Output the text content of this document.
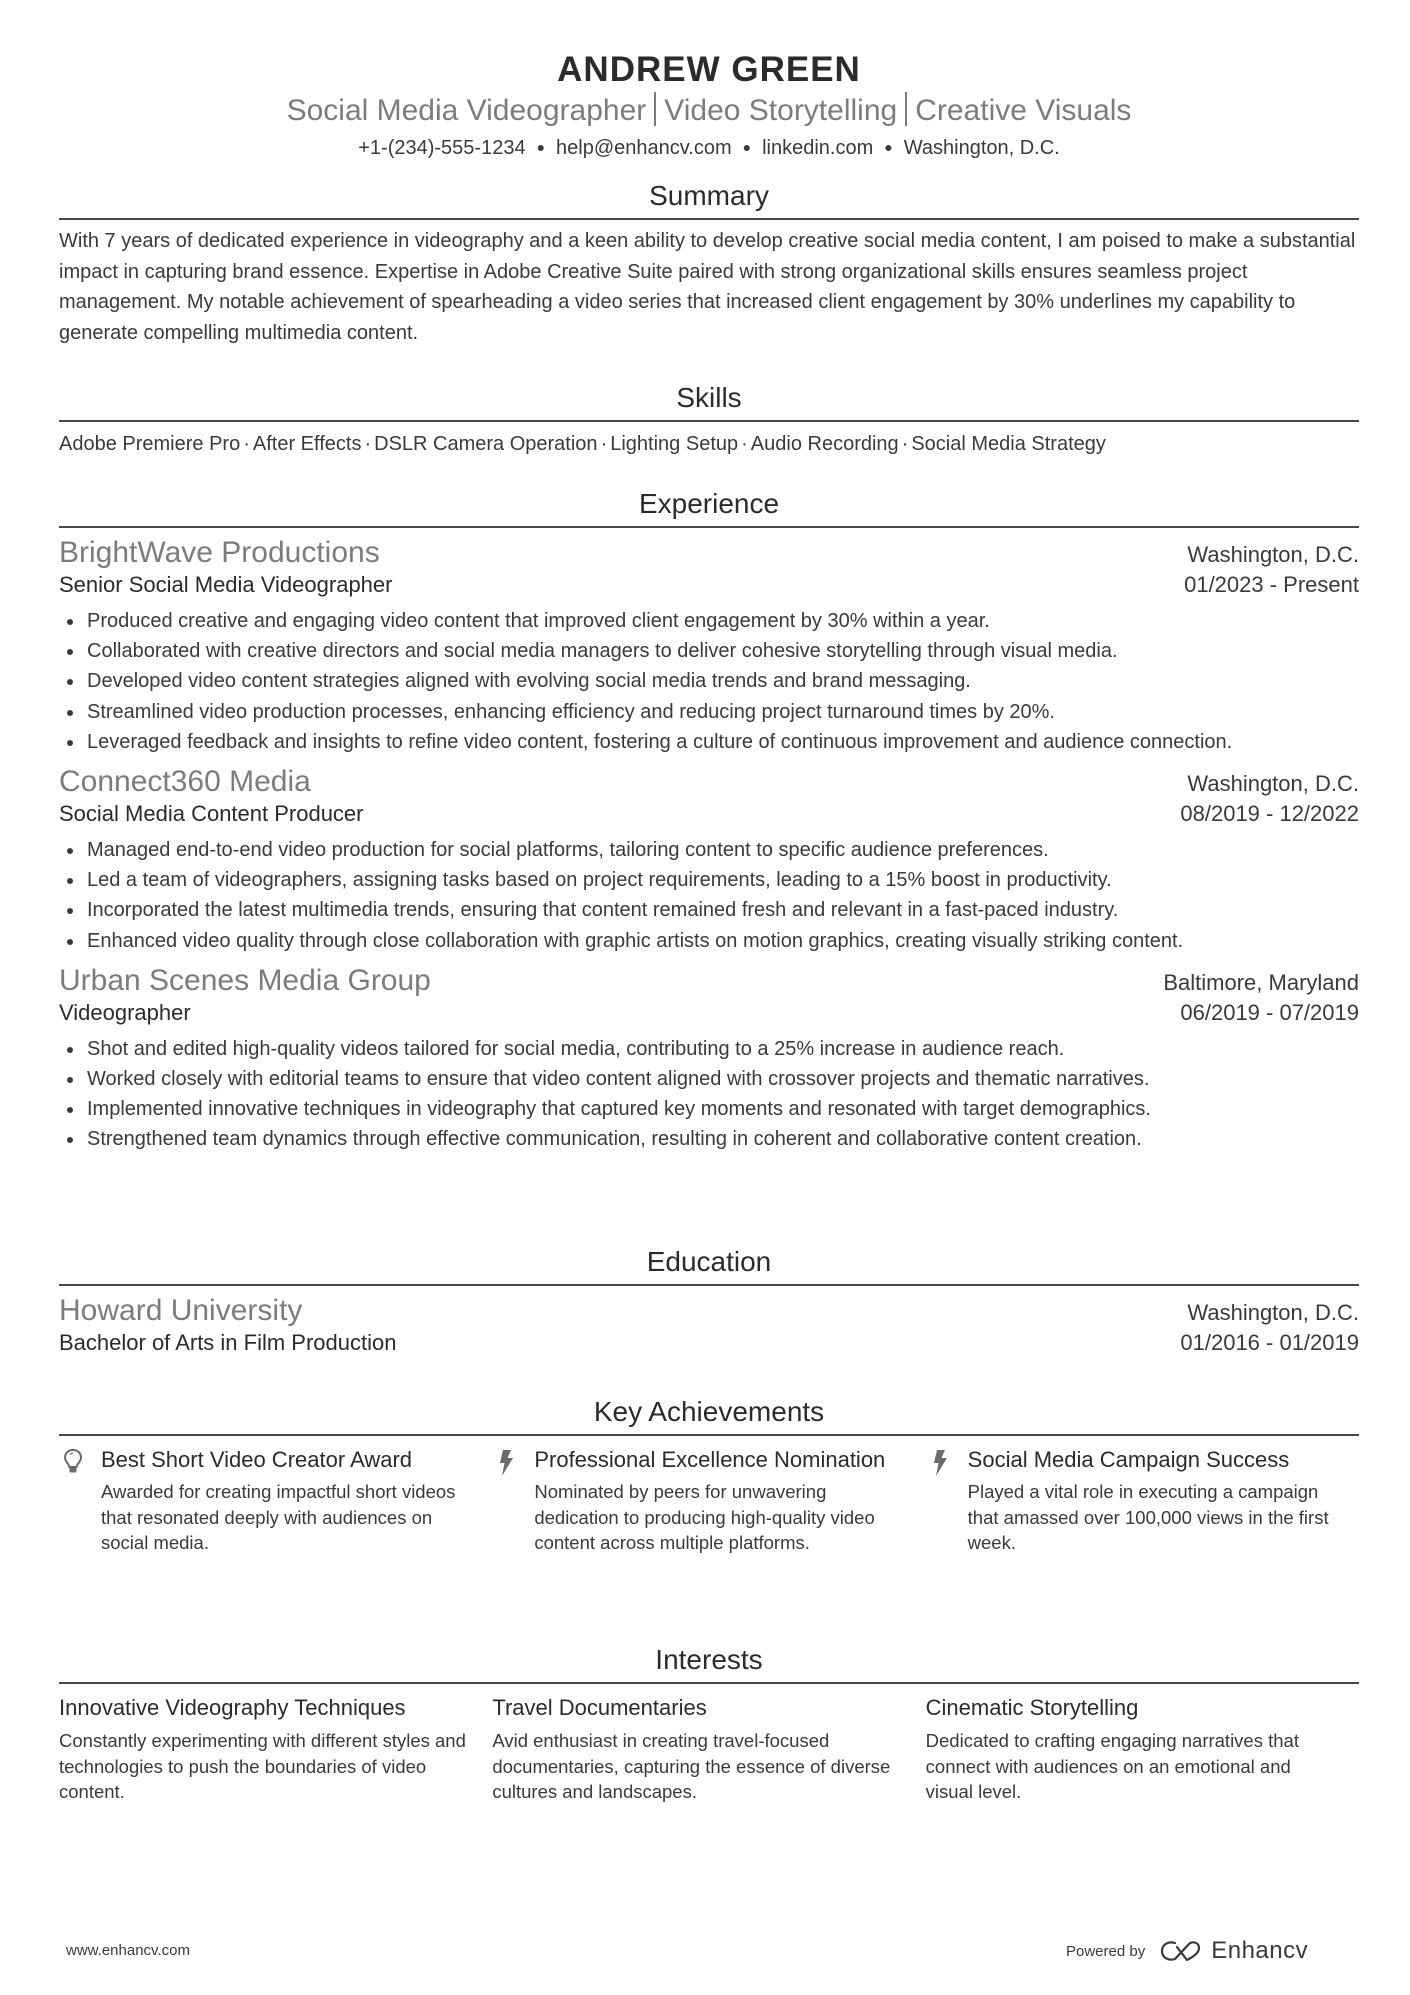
ANDREW GREEN
Social Media Videographer Video Storytelling Creative Visuals
+1-(234)-555-1234 ● help@enhancv.com ● linkedin.com ● Washington, D.C.
Summary

With 7 years of dedicated experience in videography and a keen ability to develop creative social media content, I am poised to make a substantial impact in capturing brand essence. Expertise in Adobe Creative Suite paired with strong organizational skills ensures seamless project management. My notable achievement of spearheading a video series that increased client engagement by 30% underlines my capability to generate compelling multimedia content.

Skills
Adobe Premiere Pro · After Effects · DSLR Camera Operation · Lighting Setup · Audio Recording · Social Media Strategy
Experience
BrightWave Productions	Washington, D.C.
Senior Social Media Videographer	01/2023 - Present
Produced creative and engaging video content that improved client engagement by 30% within a year.
Collaborated with creative directors and social media managers to deliver cohesive storytelling through visual media.
Developed video content strategies aligned with evolving social media trends and brand messaging.
Streamlined video production processes, enhancing efficiency and reducing project turnaround times by 20%.
Leveraged feedback and insights to refine video content, fostering a culture of continuous improvement and audience connection.
Connect360 Media	Washington, D.C.
Social Media Content Producer	08/2019 - 12/2022
Managed end-to-end video production for social platforms, tailoring content to specific audience preferences.
Led a team of videographers, assigning tasks based on project requirements, leading to a 15% boost in productivity.
Incorporated the latest multimedia trends, ensuring that content remained fresh and relevant in a fast-paced industry.
Enhanced video quality through close collaboration with graphic artists on motion graphics, creating visually striking content.
Urban Scenes Media Group	Baltimore, Maryland
Videographer	06/2019 - 07/2019
Shot and edited high-quality videos tailored for social media, contributing to a 25% increase in audience reach.
Worked closely with editorial teams to ensure that video content aligned with crossover projects and thematic narratives.
Implemented innovative techniques in videography that captured key moments and resonated with target demographics.
Strengthened team dynamics through effective communication, resulting in coherent and collaborative content creation.
Education
Howard University	Washington, D.C.
Bachelor of Arts in Film Production	01/2016 - 01/2019
Key Achievements
Best Short Video Creator Award
Awarded for creating impactful short videos that resonated deeply with audiences on social media.
Professional Excellence Nomination
Nominated by peers for unwavering dedication to producing high-quality video content across multiple platforms.
Social Media Campaign Success
Played a vital role in executing a campaign that amassed over 100,000 views in the first week.
Interests
Innovative Videography Techniques
Constantly experimenting with different styles and technologies to push the boundaries of video content.
Travel Documentaries
Avid enthusiast in creating travel-focused documentaries, capturing the essence of diverse cultures and landscapes.
Cinematic Storytelling
Dedicated to crafting engaging narratives that connect with audiences on an emotional and visual level.
www.enhancv.com	Powered by	Enhancv
